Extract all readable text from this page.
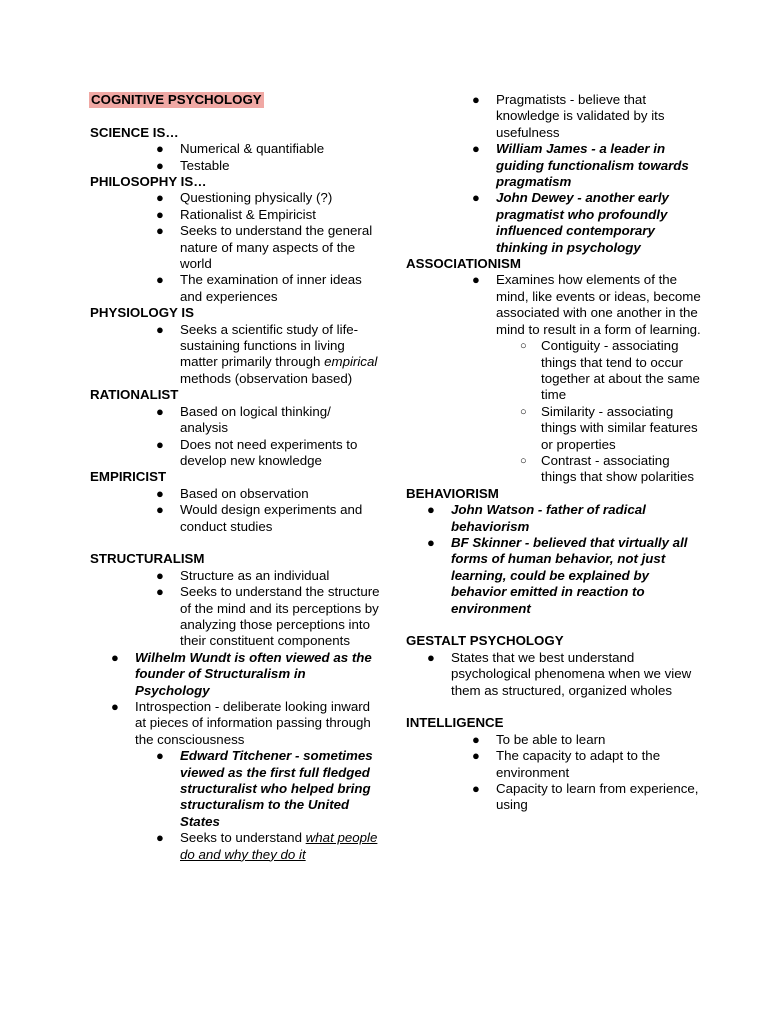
COGNITIVE PSYCHOLOGY

SCIENCE IS…

● Numerical & quantifiable
● Testable

PHILOSOPHY IS…

● Questioning physically (?)
● Rationalist & Empiricist
● Seeks to understand the general nature of many aspects of the world
● The examination of inner ideas and experiences

PHYSIOLOGY IS

● Seeks a scientific study of life-sustaining functions in living matter primarily through empirical methods (observation based)

RATIONALIST

● Based on logical thinking/ analysis
● Does not need experiments to develop new knowledge

EMPIRICIST

● Based on observation
● Would design experiments and conduct studies

STRUCTURALISM

● Structure as an individual
● Seeks to understand the structure of the mind and its perceptions by analyzing those perceptions into their constituent components
● Wilhelm Wundt is often viewed as the founder of Structuralism in Psychology
● Introspection - deliberate looking inward at pieces of information passing through the consciousness
● Edward Titchener - sometimes viewed as the first full fledged structuralist who helped bring structuralism to the United States
● Seeks to understand what people do and why they do it
● Pragmatists - believe that knowledge is validated by its usefulness
● William James - a leader in guiding functionalism towards pragmatism
● John Dewey - another early pragmatist who profoundly influenced contemporary thinking in psychology

ASSOCIATIONISM

● Examines how elements of the mind, like events or ideas, become associated with one another in the mind to result in a form of learning.
○ Contiguity - associating things that tend to occur together at about the same time
○ Similarity - associating things with similar features or properties
○ Contrast - associating things that show polarities

BEHAVIORISM

● John Watson - father of radical behaviorism
● BF Skinner - believed that virtually all forms of human behavior, not just learning, could be explained by behavior emitted in reaction to environment

GESTALT PSYCHOLOGY

● States that we best understand psychological phenomena when we view them as structured, organized wholes

INTELLIGENCE

● To be able to learn
● The capacity to adapt to the environment
● Capacity to learn from experience, using
